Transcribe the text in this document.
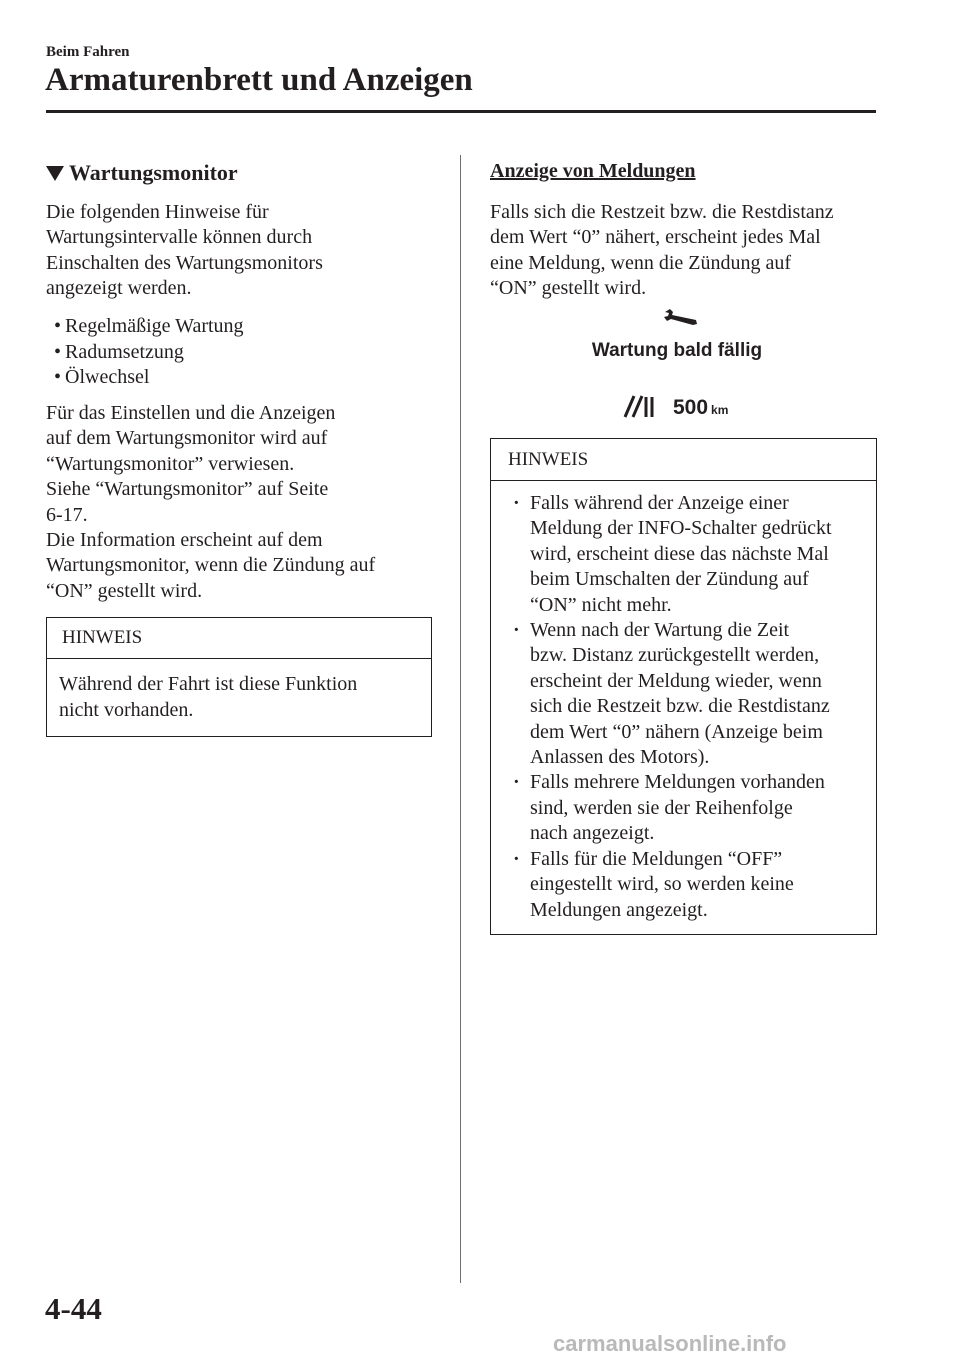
Beim Fahren
Armaturenbrett und Anzeigen
Wartungsmonitor

Die folgenden Hinweise für
Wartungsintervalle können durch
Einschalten des Wartungsmonitors
angezeigt werden.

• Regelmäßige Wartung
• Radumsetzung
• Ölwechsel

Für das Einstellen und die Anzeigen
auf dem Wartungsmonitor wird auf
“Wartungsmonitor” verwiesen.
Siehe “Wartungsmonitor” auf Seite
6-17.
Die Information erscheint auf dem
Wartungsmonitor, wenn die Zündung auf
“ON” gestellt wird.

HINWEIS
Während der Fahrt ist diese Funktion
nicht vorhanden.
Anzeige von Meldungen

Falls sich die Restzeit bzw. die Restdistanz
dem Wert “0” nähert, erscheint jedes Mal
eine Meldung, wenn die Zündung auf
“ON” gestellt wird.

Wartung bald fällig
500 km
HINWEIS
· Falls während der Anzeige einer
Meldung der INFO-Schalter gedrückt
wird, erscheint diese das nächste Mal
beim Umschalten der Zündung auf
“ON” nicht mehr.
· Wenn nach der Wartung die Zeit
bzw. Distanz zurückgestellt werden,
erscheint der Meldung wieder, wenn
sich die Restzeit bzw. die Restdistanz
dem Wert “0” nähern (Anzeige beim
Anlassen des Motors).
· Falls mehrere Meldungen vorhanden
sind, werden sie der Reihenfolge
nach angezeigt.
· Falls für die Meldungen “OFF”
eingestellt wird, so werden keine
Meldungen angezeigt.
4-44
carmanualsonline.info
